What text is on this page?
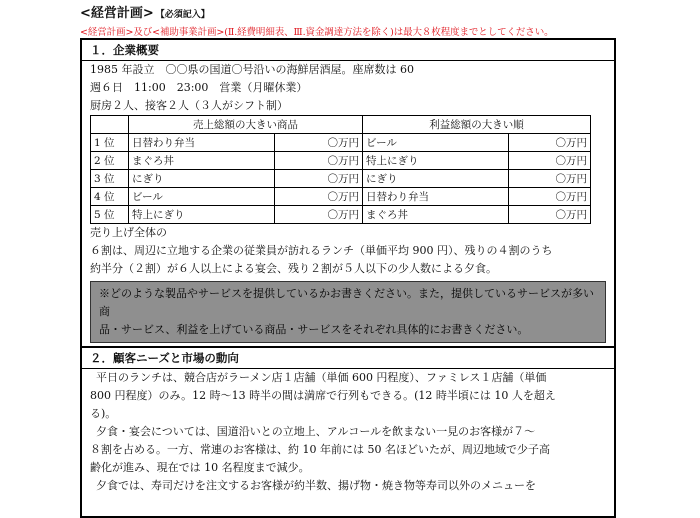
<経営計画> 【必須記入】
<経営計画>及び<補助事業計画>(Ⅱ.経費明細表、Ⅲ.資金調達方法を除く)は最大８枚程度までとしてください。
１．企業概要
1985 年設立　〇〇県の国道〇号沿いの海鮮居酒屋。座席数は 60
週６日　11:00　23:00　営業（月曜休業）
厨房２人、接客２人（３人がシフト制）
	売上総額の大きい商品		利益総額の大きい順	
1 位	日替わり弁当	〇万円	ビール	〇万円
2 位	まぐろ丼	〇万円	特上にぎり	〇万円
3 位	にぎり	〇万円	にぎり	〇万円
4 位	ビール	〇万円	日替わり弁当	〇万円
5 位	特上にぎり	〇万円	まぐろ丼	〇万円
売り上げ全体の
６割は、周辺に立地する企業の従業員が訪れるランチ（単価平均 900 円）、残りの４割のうち
約半分（２割）が６人以上による宴会、残り２割が５人以下の少人数による夕食。
※どのような製品やサービスを提供しているかお書きください。また，提供しているサービスが多い商
品・サービス、利益を上げている商品・サービスをそれぞれ具体的にお書きください。
２．顧客ニーズと市場の動向
平日のランチは、競合店がラーメン店１店舗（単価 600 円程度）、ファミレス１店舗（単価
800 円程度）のみ。12 時～13 時半の間は満席で行列もできる。(12 時半頃には 10 人を超え
る)。
夕食・宴会については、国道沿いとの立地上、アルコールを飲まない一見のお客様が７～
８割を占める。一方、常連のお客様は、約 10 年前には 50 名ほどいたが、周辺地域で少子高
齢化が進み、現在では 10 名程度まで減少。
夕食では、寿司だけを注文するお客様が約半数、揚げ物・焼き物等寿司以外のメニューを
